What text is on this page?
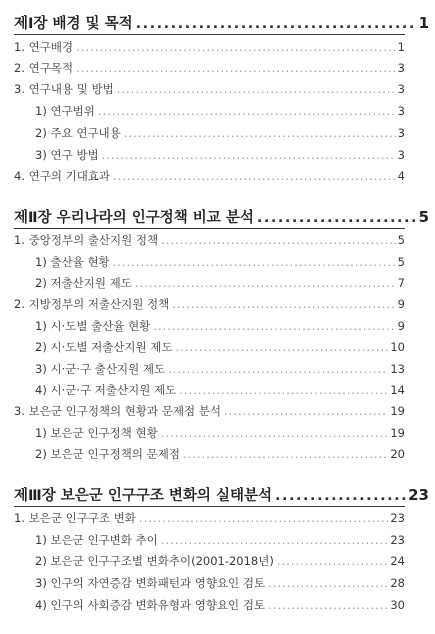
제Ⅰ장 배경 및 목적 .....	1
1. 연구배경 .....	1
2. 연구목적 .....	3
3. 연구내용 및 방법 .....	3
1) 연구범위 .....	3
2) 주요 연구내용 .....	3
3) 연구 방법 .....	3
4. 연구의 기대효과 .....	4
제Ⅱ장 우리나라의 인구정책 비교 분석 .....	5
1. 중앙정부의 출산지원 정책 .....	5
1) 출산율 현황 .....	5
2) 저출산지원 제도 .....	7
2. 지방정부의 저출산지원 정책 .....	9
1) 시·도별 출산율 현황 .....	9
2) 시·도별 저출산지원 제도 .....	10
3) 시·군·구 출산지원 제도 .....	13
4) 시·군·구 저출산지원 제도 .....	14
3. 보은군 인구정책의 현황과 문제점 분석 .....	19
1) 보은군 인구정책 현황 .....	19
2) 보은군 인구정책의 문제점 .....	20
제Ⅲ장 보은군 인구구조 변화의 실태분석 .....	23
1. 보은군 인구구조 변화 .....	23
1) 보은군 인구변화 추이 .....	23
2) 보은군 인구구조별 변화추이(2001-2018년) .....	24
3) 인구의 자연증감 변화패턴과 영향요인 검토 .....	28
4) 인구의 사회증감 변화유형과 영향요인 검토 .....	30
